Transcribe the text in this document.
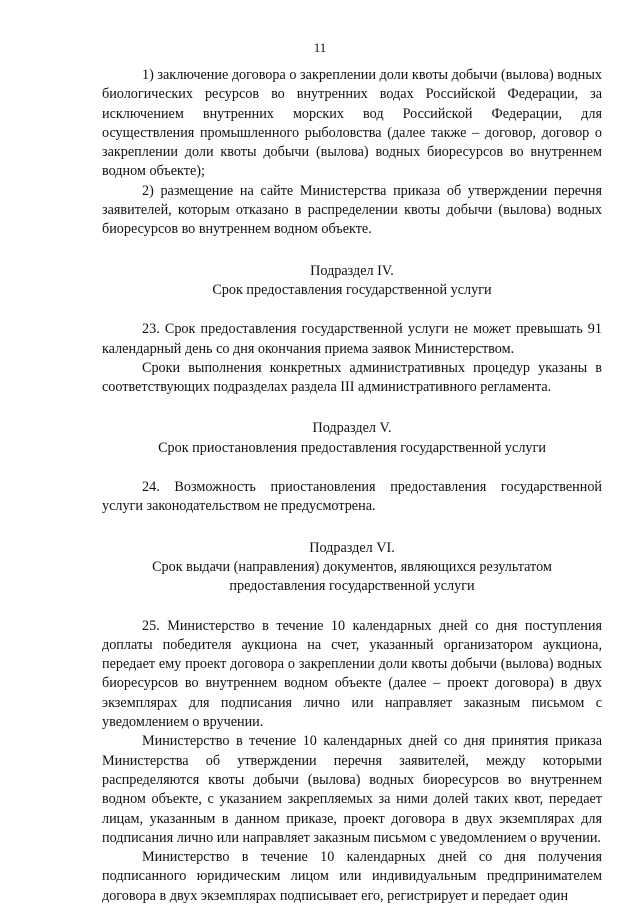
11

1) заключение договора о закреплении доли квоты добычи (вылова) водных биологических ресурсов во внутренних водах Российской Федерации, за исключением внутренних морских вод Российской Федерации, для осуществления промышленного рыболовства (далее также – договор, договор о закреплении доли квоты добычи (вылова) водных биоресурсов во внутреннем водном объекте);

2) размещение на сайте Министерства приказа об утверждении перечня заявителей, которым отказано в распределении квоты добычи (вылова) водных биоресурсов во внутреннем водном объекте.

Подраздел IV.
Срок предоставления государственной услуги

23. Срок предоставления государственной услуги не может превышать 91 календарный день со дня окончания приема заявок Министерством.

Сроки выполнения конкретных административных процедур указаны в соответствующих подразделах раздела III административного регламента.

Подраздел V.
Срок приостановления предоставления государственной услуги

24. Возможность приостановления предоставления государственной услуги законодательством не предусмотрена.

Подраздел VI.
Срок выдачи (направления) документов, являющихся результатом
предоставления государственной услуги

25. Министерство в течение 10 календарных дней со дня поступления доплаты победителя аукциона на счет, указанный организатором аукциона, передает ему проект договора о закреплении доли квоты добычи (вылова) водных биоресурсов во внутреннем водном объекте (далее – проект договора) в двух экземплярах для подписания лично или направляет заказным письмом с уведомлением о вручении.

Министерство в течение 10 календарных дней со дня принятия приказа Министерства об утверждении перечня заявителей, между которыми распределяются квоты добычи (вылова) водных биоресурсов во внутреннем водном объекте, с указанием закрепляемых за ними долей таких квот, передает лицам, указанным в данном приказе, проект договора в двух экземплярах для подписания лично или направляет заказным письмом с уведомлением о вручении.

Министерство в течение 10 календарных дней со дня получения подписанного юридическим лицом или индивидуальным предпринимателем договора в двух экземплярах подписывает его, регистрирует и передает один
